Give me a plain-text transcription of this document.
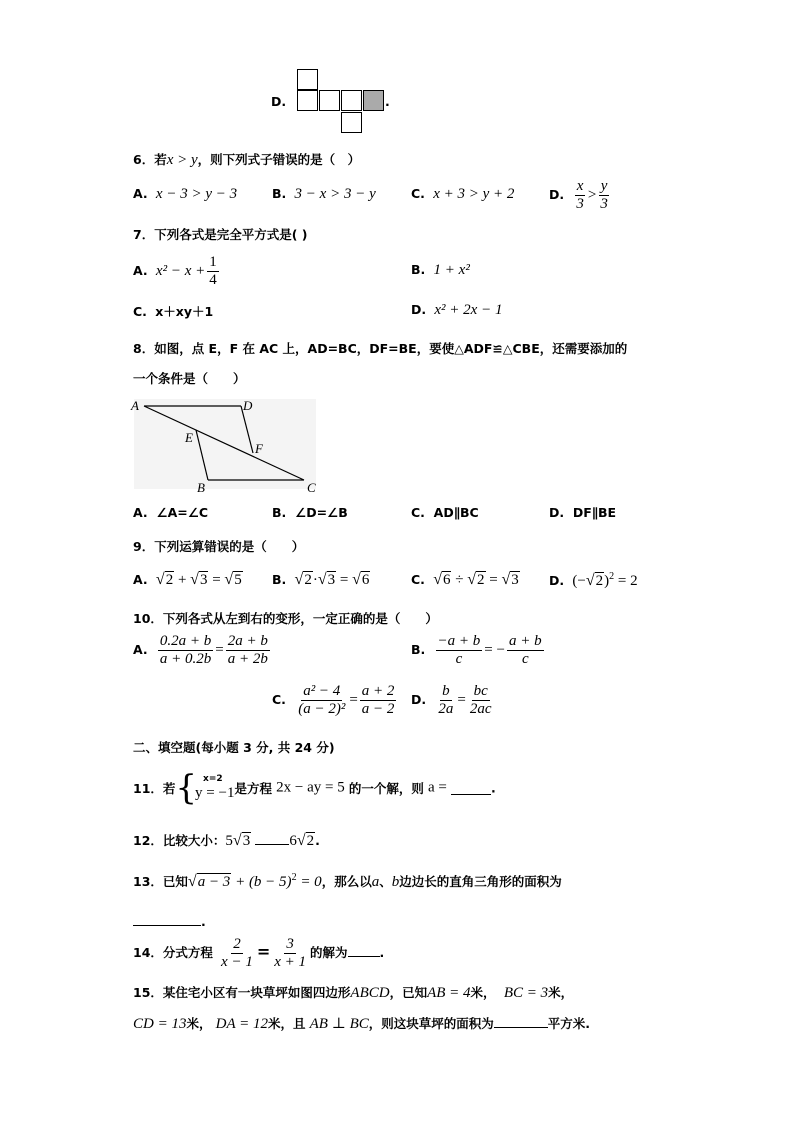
D.	.
6．若x > y，则下列式子错误的是（　）
A. x − 3 > y − 3	B. 3 − x > 3 − y	C. x + 3 > y + 2	D. $\frac{x}{3} > \frac{y}{3}$
7．下列各式是完全平方式是( )
A. $x^2 - x + \frac{1}{4}$	B. 1 + x²
C. x＋xy＋1	D. x² + 2x − 1
8．如图，点 E，F 在 AC 上，AD=BC，DF=BE，要使△ADF≌△CBE，还需要添加的
一个条件是（　　）
A	D
E
F
B	C
A. ∠A=∠C	B. ∠D=∠B	C. AD∥BC	D. DF∥BE
9．下列运算错误的是（　　）
A. √2 + √3 = √5 B. √2·√3 = √6	C. √6 ÷ √2 = √3 D. $(-√2)^2 = 2$
10．下列各式从左到右的变形，一定正确的是（　　）
A. $\frac{0.2a + b}{a + 0.2b} = \frac{2a + b}{a + 2b}$	B. $\frac{-a + b}{c}$ = − $\frac{a + b}{c}$
C. $\frac{\text{a² − 4}}{\text{(a − 2)²}} = \frac{a + 2}{a - 2} D$. $\frac{b}{2a} = \frac{bc}{2ac}$
二、填空题(每小题 3 分, 共 24 分)
11．若{ x=2
y = −1 是方程 2x − ay = 5 的一个解，则 a =	.
12．比较大小：5√3	6√2.
13．已知$√a - 3 + (b - 5)^2 = 0$，那么以a、b边边长的直角三角形的面积为
.
14．分式方程 $\frac{2}{x - 1} = \frac{3}{x + 1}$ 的解为	.
15．某住宅小区有一块草坪如图四边形ABCD，已知AB = 4米， BC = 3米，
CD = 13米， DA = 12米，且 AB ⊥ BC，则这块草坪的面积为	平方米.
